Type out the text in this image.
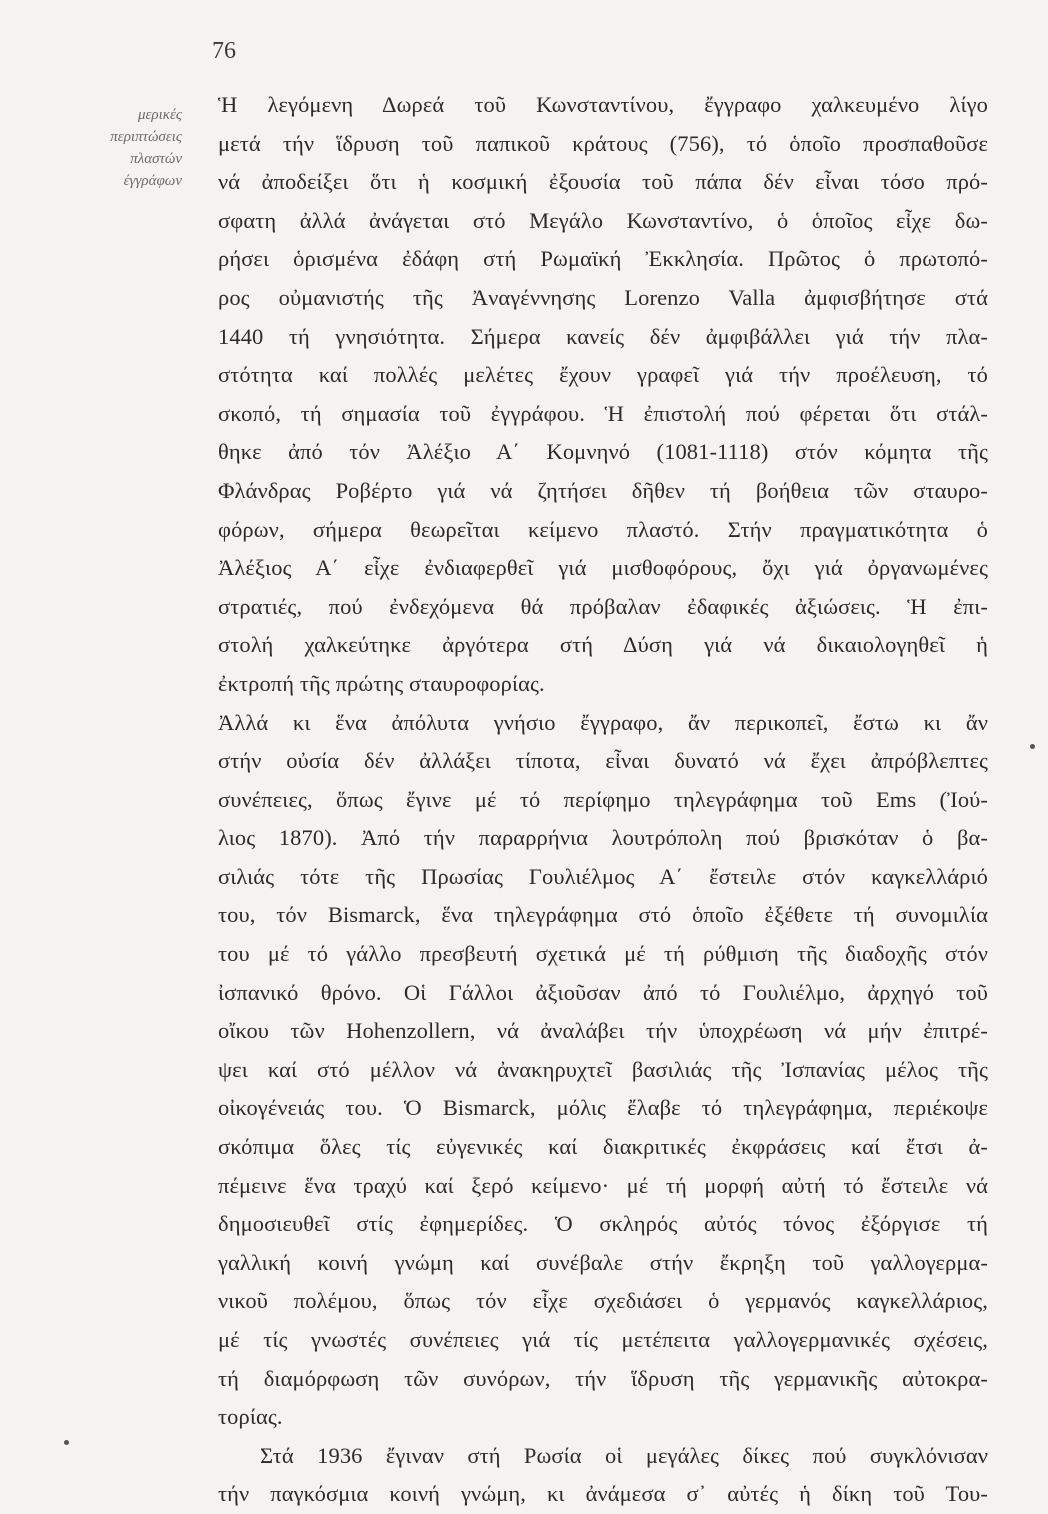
76
μερικές
περιπτώσεις
πλαστών
έγγράφων
Ἡ λεγόμενη Δωρεά τοῦ Κωνσταντίνου, ἔγγραφο χαλκευμένο λίγο
μετά τήν ἵδρυση τοῦ παπικοῦ κράτους (756), τό ὁποῖο προσπαθοῦσε
νά ἀποδείξει ὅτι ἡ κοσμική ἐξουσία τοῦ πάπα δέν εἶναι τόσο πρό-
σφατη ἀλλά ἀνάγεται στό Μεγάλο Κωνσταντίνο, ὁ ὁποῖος εἶχε δω-
ρήσει ὁρισμένα ἐδάφη στή Ρωμαϊκή Ἐκκλησία. Πρῶτος ὁ πρωτοπό-
ρος οὐμανιστής τῆς Ἀναγέννησης Lorenzo Valla ἀμφισβήτησε στά
1440 τή γνησιότητα. Σήμερα κανείς δέν ἀμφιβάλλει γιά τήν πλα-
στότητα καί πολλές μελέτες ἔχουν γραφεῖ γιά τήν προέλευση, τό
σκοπό, τή σημασία τοῦ ἐγγράφου. Ἡ ἐπιστολή πού φέρεται ὅτι στάλ-
θηκε ἀπό τόν Ἀλέξιο Α΄ Κομνηνό (1081-1118) στόν κόμητα τῆς
Φλάνδρας Ροβέρτο γιά νά ζητήσει δῆθεν τή βοήθεια τῶν σταυρο-
φόρων, σήμερα θεωρεῖται κείμενο πλαστό. Στήν πραγματικότητα ὁ
Ἀλέξιος Α΄ εἶχε ἐνδιαφερθεῖ γιά μισθοφόρους, ὄχι γιά ὀργανωμένες
στρατιές, πού ἐνδεχόμενα θά πρόβαλαν ἐδαφικές ἀξιώσεις. Ἡ ἐπι-
στολή χαλκεύτηκε ἀργότερα στή Δύση γιά νά δικαιολογηθεῖ ἡ
ἐκτροπή τῆς πρώτης σταυροφορίας.
Ἀλλά κι ἕνα ἀπόλυτα γνήσιο ἔγγραφο, ἄν περικοπεῖ, ἔστω κι ἄν
στήν οὐσία δέν ἀλλάξει τίποτα, εἶναι δυνατό νά ἔχει ἀπρόβλεπτες
συνέπειες, ὅπως ἔγινε μέ τό περίφημο τηλεγράφημα τοῦ Ems (Ἰού-
λιος 1870). Ἀπό τήν παραρρήνια λουτρόπολη πού βρισκόταν ὁ βα-
σιλιάς τότε τῆς Πρωσίας Γουλιέλμος Α΄ ἔστειλε στόν καγκελλάριό
του, τόν Bismarck, ἕνα τηλεγράφημα στό ὁποῖο ἐξέθετε τή συνομιλία
του μέ τό γάλλο πρεσβευτή σχετικά μέ τή ρύθμιση τῆς διαδοχῆς στόν
ἰσπανικό θρόνο. Οἱ Γάλλοι ἀξιοῦσαν ἀπό τό Γουλιέλμο, ἀρχηγό τοῦ
οἴκου τῶν Hohenzollern, νά ἀναλάβει τήν ὑποχρέωση νά μήν ἐπιτρέ-
ψει καί στό μέλλον νά ἀνακηρυχτεῖ βασιλιάς τῆς Ἰσπανίας μέλος τῆς
οἰκογένειάς του. Ὁ Bismarck, μόλις ἔλαβε τό τηλεγράφημα, περιέκοψε
σκόπιμα ὅλες τίς εὐγενικές καί διακριτικές ἐκφράσεις καί ἔτσι ἀ-
πέμεινε ἕνα τραχύ καί ξερό κείμενο· μέ τή μορφή αὐτή τό ἔστειλε νά
δημοσιευθεῖ στίς ἐφημερίδες. Ὁ σκληρός αὐτός τόνος ἐξόργισε τή
γαλλική κοινή γνώμη καί συνέβαλε στήν ἔκρηξη τοῦ γαλλογερμα-
νικοῦ πολέμου, ὅπως τόν εἶχε σχεδιάσει ὁ γερμανός καγκελλάριος,
μέ τίς γνωστές συνέπειες γιά τίς μετέπειτα γαλλογερμανικές σχέσεις,
τή διαμόρφωση τῶν συνόρων, τήν ἵδρυση τῆς γερμανικῆς αὐτοκρα-
τορίας.
Στά 1936 ἔγιναν στή Ρωσία οἱ μεγάλες δίκες πού συγκλόνισαν
τήν παγκόσμια κοινή γνώμη, κι ἀνάμεσα σ᾽ αὐτές ἡ δίκη τοῦ Του-
